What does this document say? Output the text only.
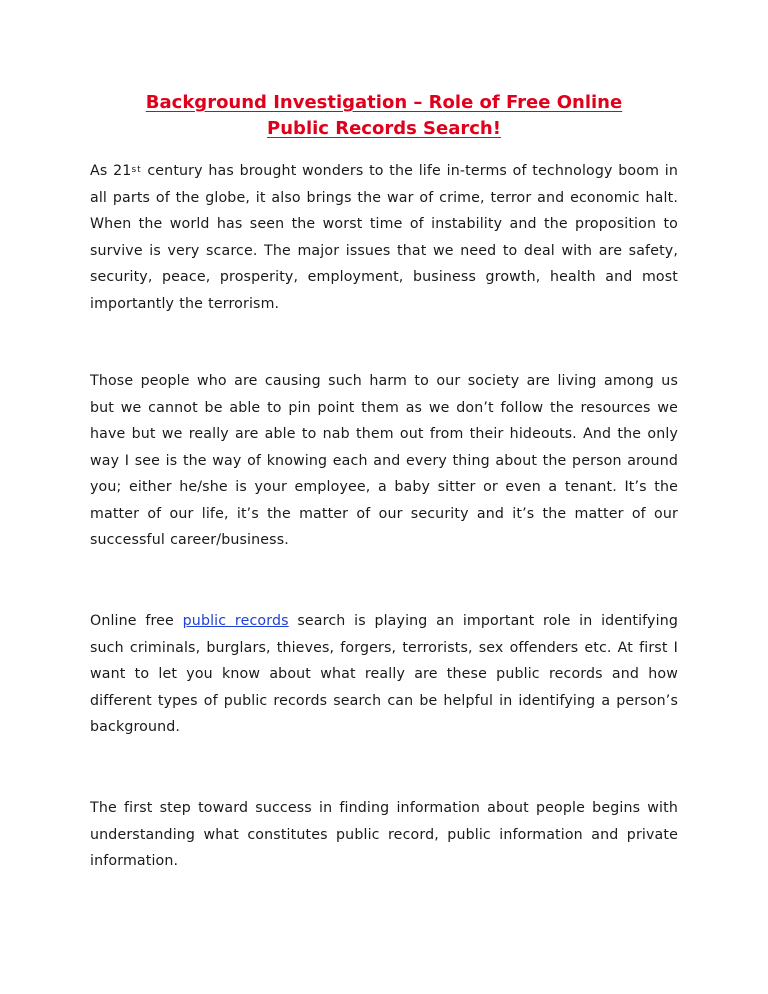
Background Investigation – Role of Free Online
Public Records Search!
As 21st century has brought wonders to the life in-terms of technology boom in all parts of the globe, it also brings the war of crime, terror and economic halt. When the world has seen the worst time of instability and the proposition to survive is very scarce. The major issues that we need to deal with are safety, security, peace, prosperity, employment, business growth, health and most importantly the terrorism.
Those people who are causing such harm to our society are living among us but we cannot be able to pin point them as we don’t follow the resources we have but we really are able to nab them out from their hideouts. And the only way I see is the way of knowing each and every thing about the person around you; either he/she is your employee, a baby sitter or even a tenant. It’s the matter of our life, it’s the matter of our security and it’s the matter of our successful career/business.
Online free public records search is playing an important role in identifying such criminals, burglars, thieves, forgers, terrorists, sex offenders etc. At first I want to let you know about what really are these public records and how different types of public records search can be helpful in identifying a person’s background.
The first step toward success in finding information about people begins with understanding what constitutes public record, public information and private information.
